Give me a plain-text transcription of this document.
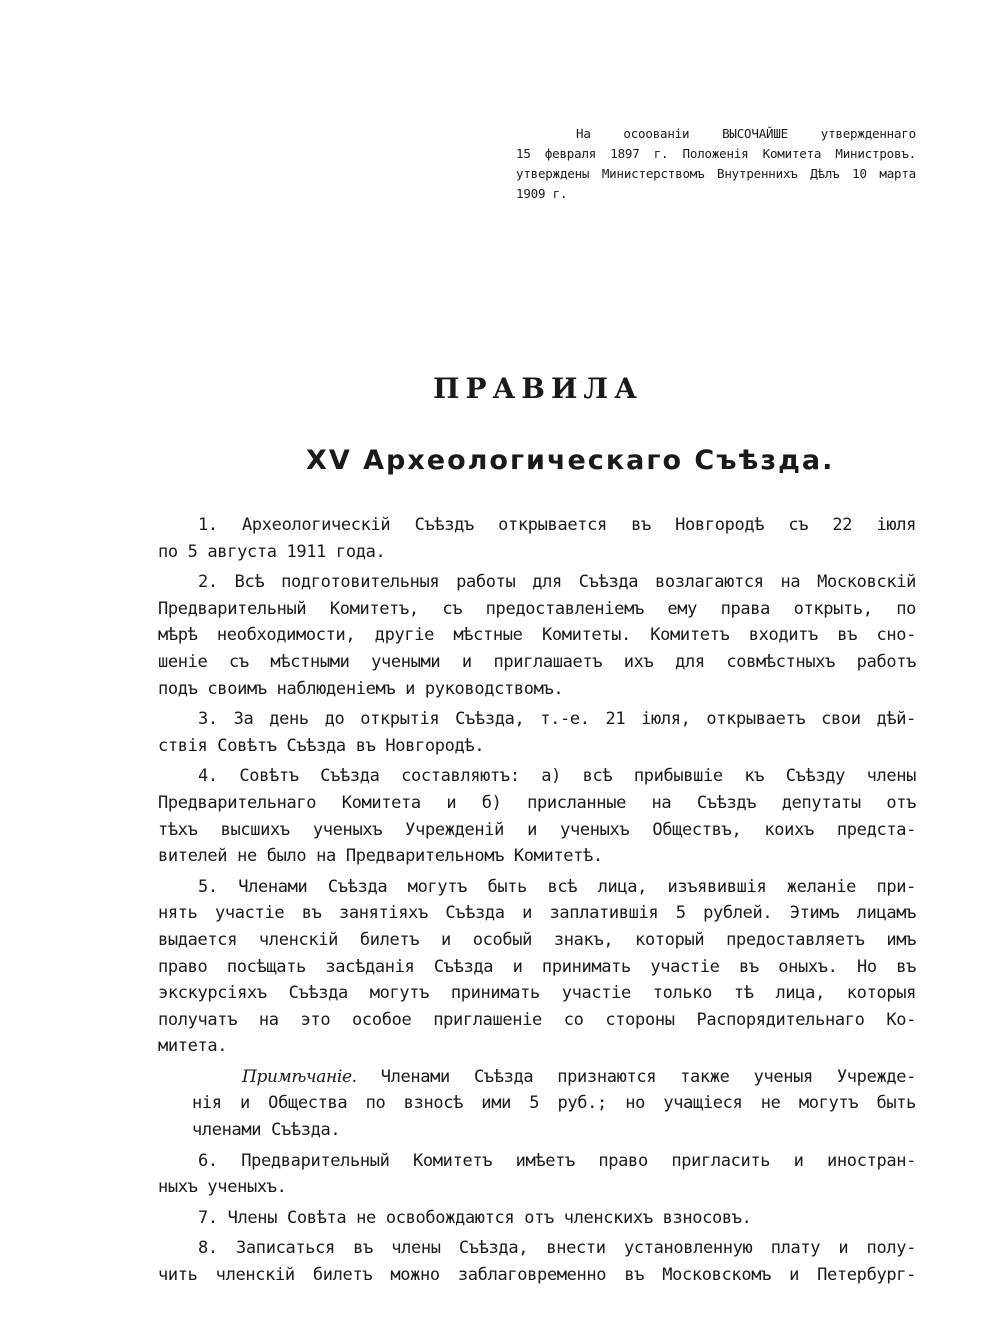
На осоованіи ВЫСОЧАЙШЕ утвержденнаго
15 февраля 1897 г. Положенія Комитета Министровъ.
утверждены Министерствомъ Внутреннихъ Дѣлъ 10 марта
1909 г.
ПРАВИЛА
XV Археологическаго Съѣзда.
1. Археологическій Съѣздъ открывается въ Новгородѣ съ 22 іюля
по 5 августа 1911 года.
2. Всѣ подготовительныя работы для Съѣзда возлагаются на Московскій
Предварительный Комитетъ, съ предоставленіемъ ему права открыть, по
мѣрѣ необходимости, другіе мѣстные Комитеты. Комитетъ входитъ въ сно-
шеніе съ мѣстными учеными и приглашаетъ ихъ для совмѣстныхъ работъ
подъ своимъ наблюденіемъ и руководствомъ.
3. За день до открытія Съѣзда, т.-е. 21 іюля, открываетъ свои дѣй-
ствія Совѣтъ Съѣзда въ Новгородѣ.
4. Совѣтъ Съѣзда составляютъ: а) всѣ прибывшіе къ Съѣзду члены
Предварительнаго Комитета и б) присланные на Съѣздъ депутаты отъ
тѣхъ высшихъ ученыхъ Учрежденій и ученыхъ Обществъ, коихъ предста-
вителей не было на Предварительномъ Комитетѣ.
5. Членами Съѣзда могутъ быть всѣ лица, изъявившія желаніе при-
нять участіе въ занятіяхъ Съѣзда и заплатившія 5 рублей. Этимъ лицамъ
выдается членскій билетъ и особый знакъ, который предоставляетъ имъ
право посѣщать засѣданія Съѣзда и принимать участіе въ оныхъ. Но въ
экскурсіяхъ Съѣзда могутъ принимать участіе только тѣ лица, которыя
получатъ на это особое приглашеніе со стороны Распорядительнаго Ко-
митета.
Примѣчаніе. Членами Съѣзда признаются также ученыя Учрежде-
нія и Общества по взносѣ ими 5 руб.; но учащіеся не могутъ быть
членами Съѣзда.
6. Предварительный Комитетъ имѣетъ право пригласить и иностран-
ныхъ ученыхъ.
7. Члены Совѣта не освобождаются отъ членскихъ взносовъ.
8. Записаться въ члены Съѣзда, внести установленную плату и полу-
чить членскій билетъ можно заблаговременно въ Московскомъ и Петербург-
